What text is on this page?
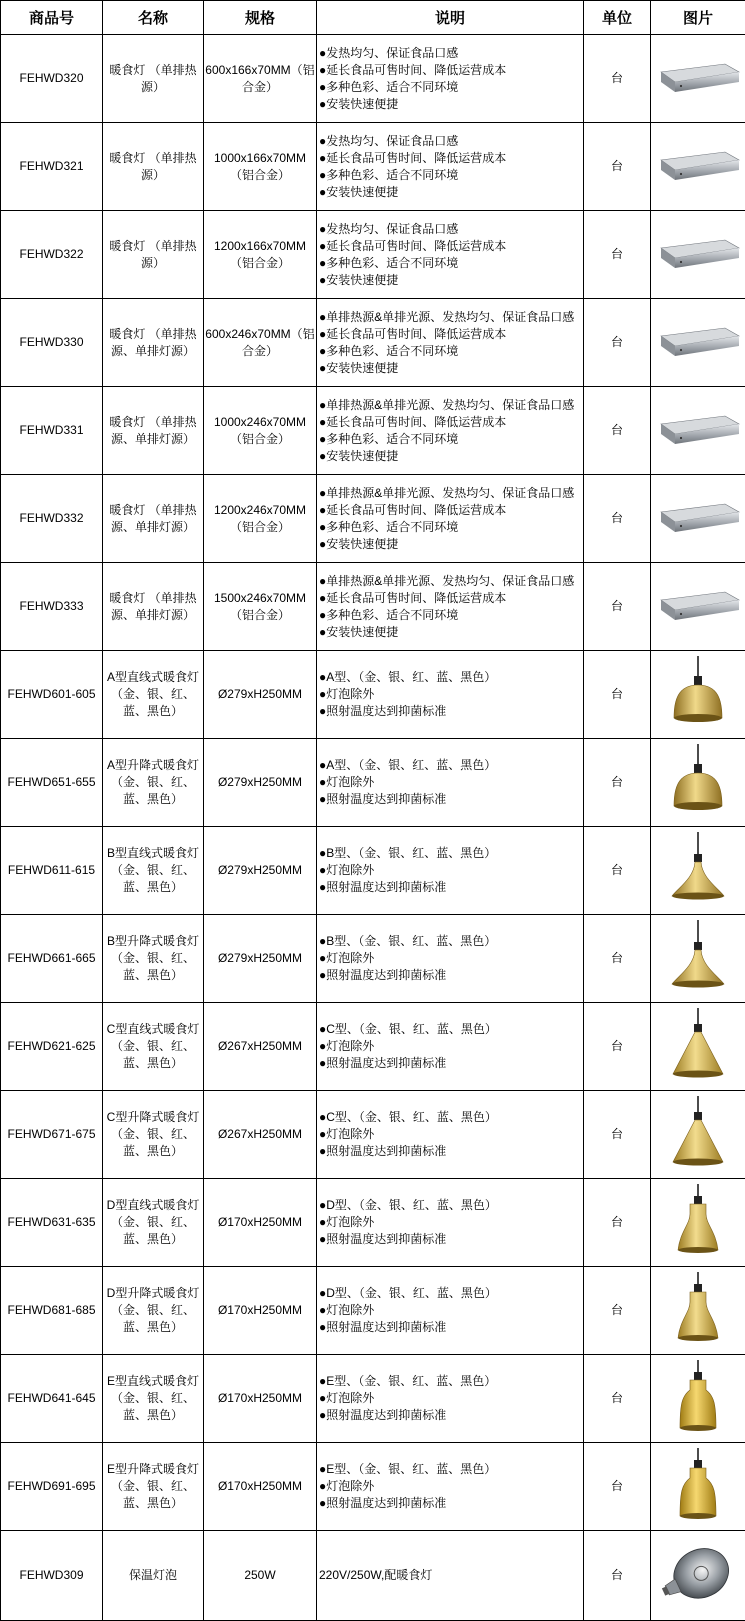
商品号	名称	规格	说明	单位	图片
FEHWD320	暖食灯 （单排热源）	600x166x70MM（铝合金）	●发热均匀、保证食品口感
●延长食品可售时间、降低运营成本
●多种色彩、适合不同环境
●安装快速便捷	台	

FEHWD321	暖食灯 （单排热源）	1000x166x70MM（铝合金）	●发热均匀、保证食品口感
●延长食品可售时间、降低运营成本
●多种色彩、适合不同环境
●安装快速便捷	台	

FEHWD322	暖食灯 （单排热源）	1200x166x70MM（铝合金）	●发热均匀、保证食品口感
●延长食品可售时间、降低运营成本
●多种色彩、适合不同环境
●安装快速便捷	台	

FEHWD330	暖食灯 （单排热源、单排灯源）	600x246x70MM（铝合金）	●单排热源&单排光源、发热均匀、保证食品口感
●延长食品可售时间、降低运营成本
●多种色彩、适合不同环境
●安装快速便捷	台	

FEHWD331	暖食灯 （单排热源、单排灯源）	1000x246x70MM（铝合金）	●单排热源&单排光源、发热均匀、保证食品口感
●延长食品可售时间、降低运营成本
●多种色彩、适合不同环境
●安装快速便捷	台	

FEHWD332	暖食灯 （单排热源、单排灯源）	1200x246x70MM（铝合金）	●单排热源&单排光源、发热均匀、保证食品口感
●延长食品可售时间、降低运营成本
●多种色彩、适合不同环境
●安装快速便捷	台	

FEHWD333	暖食灯 （单排热源、单排灯源）	1500x246x70MM（铝合金）	●单排热源&单排光源、发热均匀、保证食品口感
●延长食品可售时间、降低运营成本
●多种色彩、适合不同环境
●安装快速便捷	台	

FEHWD601-605	A型直线式暖食灯（金、银、红、蓝、黑色）	Ø279xH250MM	●A型、（金、银、红、蓝、黑色）
●灯泡除外
●照射温度达到抑菌标准	台	

FEHWD651-655	A型升降式暖食灯（金、银、红、蓝、黑色）	Ø279xH250MM	●A型、（金、银、红、蓝、黑色）
●灯泡除外
●照射温度达到抑菌标准	台	

FEHWD611-615	B型直线式暖食灯（金、银、红、蓝、黑色）	Ø279xH250MM	●B型、（金、银、红、蓝、黑色）
●灯泡除外
●照射温度达到抑菌标准	台	

FEHWD661-665	B型升降式暖食灯（金、银、红、蓝、黑色）	Ø279xH250MM	●B型、（金、银、红、蓝、黑色）
●灯泡除外
●照射温度达到抑菌标准	台	

FEHWD621-625	C型直线式暖食灯（金、银、红、蓝、黑色）	Ø267xH250MM	●C型、（金、银、红、蓝、黑色）
●灯泡除外
●照射温度达到抑菌标准	台	

FEHWD671-675	C型升降式暖食灯（金、银、红、蓝、黑色）	Ø267xH250MM	●C型、（金、银、红、蓝、黑色）
●灯泡除外
●照射温度达到抑菌标准	台	

FEHWD631-635	D型直线式暖食灯（金、银、红、蓝、黑色）	Ø170xH250MM	●D型、（金、银、红、蓝、黑色）
●灯泡除外
●照射温度达到抑菌标准	台	

FEHWD681-685	D型升降式暖食灯（金、银、红、蓝、黑色）	Ø170xH250MM	●D型、（金、银、红、蓝、黑色）
●灯泡除外
●照射温度达到抑菌标准	台	

FEHWD641-645	E型直线式暖食灯（金、银、红、蓝、黑色）	Ø170xH250MM	●E型、（金、银、红、蓝、黑色）
●灯泡除外
●照射温度达到抑菌标准	台	

FEHWD691-695	E型升降式暖食灯（金、银、红、蓝、黑色）	Ø170xH250MM	●E型、（金、银、红、蓝、黑色）
●灯泡除外
●照射温度达到抑菌标准	台	

FEHWD309	保温灯泡	250W	220V/250W,配暖食灯	台	
